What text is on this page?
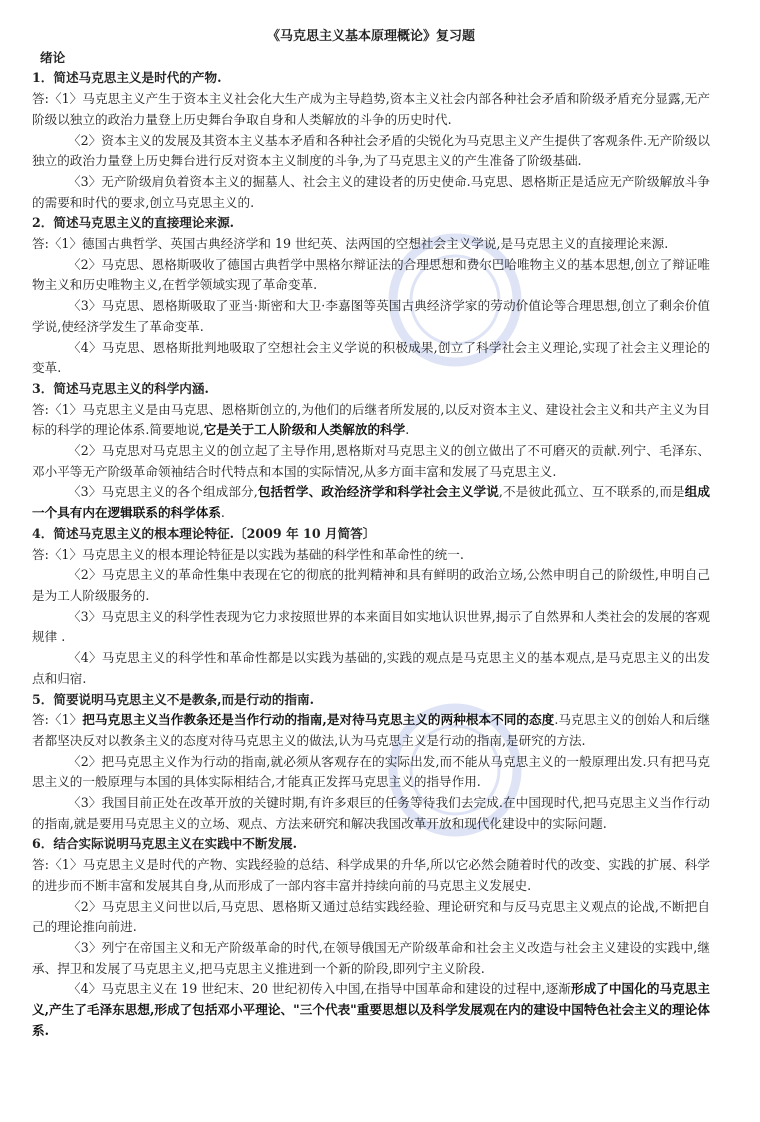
《马克思主义基本原理概论》复习题
绪论
1．简述马克思主义是时代的产物.
答:〈1〉马克思主义产生于资本主义社会化大生产成为主导趋势,资本主义社会内部各种社会矛盾和阶级矛盾充分显露,无产阶级以独立的政治力量登上历史舞台争取自身和人类解放的斗争的历史时代.
〈2〉资本主义的发展及其资本主义基本矛盾和各种社会矛盾的尖锐化为马克思主义产生提供了客观条件.无产阶级以独立的政治力量登上历史舞台进行反对资本主义制度的斗争,为了马克思主义的产生准备了阶级基础.
〈3〉无产阶级肩负着资本主义的掘墓人、社会主义的建设者的历史使命.马克思、恩格斯正是适应无产阶级解放斗争的需要和时代的要求,创立马克思主义的.
2．简述马克思主义的直接理论来源.
答:〈1〉德国古典哲学、英国古典经济学和 19 世纪英、法两国的空想社会主义学说,是马克思主义的直接理论来源.
〈2〉马克思、恩格斯吸收了德国古典哲学中黑格尔辩证法的合理思想和费尔巴哈唯物主义的基本思想,创立了辩证唯物主义和历史唯物主义,在哲学领域实现了革命变革.
〈3〉马克思、恩格斯吸取了亚当·斯密和大卫·李嘉图等英国古典经济学家的劳动价值论等合理思想,创立了剩余价值学说,使经济学发生了革命变革.
〈4〉马克思、恩格斯批判地吸取了空想社会主义学说的积极成果,创立了科学社会主义理论,实现了社会主义理论的变革.
3．简述马克思主义的科学内涵.
答:〈1〉马克思主义是由马克思、恩格斯创立的,为他们的后继者所发展的,以反对资本主义、建设社会主义和共产主义为目标的科学的理论体系.简要地说,它是关于工人阶级和人类解放的科学.
〈2〉马克思对马克思主义的创立起了主导作用,恩格斯对马克思主义的创立做出了不可磨灭的贡献.列宁、毛泽东、邓小平等无产阶级革命领袖结合时代特点和本国的实际情况,从多方面丰富和发展了马克思主义.
〈3〉马克思主义的各个组成部分,包括哲学、政治经济学和科学社会主义学说,不是彼此孤立、互不联系的,而是组成一个具有内在逻辑联系的科学体系.
4．简述马克思主义的根本理论特征.〔2009 年 10 月简答〕
答:〈1〉马克思主义的根本理论特征是以实践为基础的科学性和革命性的统一.
〈2〉马克思主义的革命性集中表现在它的彻底的批判精神和具有鲜明的政治立场,公然申明自己的阶级性,申明自己是为工人阶级服务的.
〈3〉马克思主义的科学性表现为它力求按照世界的本来面目如实地认识世界,揭示了自然界和人类社会的发展的客观规律 .
〈4〉马克思主义的科学性和革命性都是以实践为基础的,实践的观点是马克思主义的基本观点,是马克思主义的出发点和归宿.
5．简要说明马克思主义不是教条,而是行动的指南.
答:〈1〉把马克思主义当作教条还是当作行动的指南,是对待马克思主义的两种根本不同的态度.马克思主义的创始人和后继者都坚决反对以教条主义的态度对待马克思主义的做法,认为马克思主义是行动的指南,是研究的方法.
〈2〉把马克思主义作为行动的指南,就必须从客观存在的实际出发,而不能从马克思主义的一般原理出发.只有把马克思主义的一般原理与本国的具体实际相结合,才能真正发挥马克思主义的指导作用.
〈3〉我国目前正处在改革开放的关键时期,有许多艰巨的任务等待我们去完成.在中国现时代,把马克思主义当作行动的指南,就是要用马克思主义的立场、观点、方法来研究和解决我国改革开放和现代化建设中的实际问题.
6．结合实际说明马克思主义在实践中不断发展.
答:〈1〉马克思主义是时代的产物、实践经验的总结、科学成果的升华,所以它必然会随着时代的改变、实践的扩展、科学的进步而不断丰富和发展其自身,从而形成了一部内容丰富并持续向前的马克思主义发展史.
〈2〉马克思主义问世以后,马克思、恩格斯又通过总结实践经验、理论研究和与反马克思主义观点的论战,不断把自己的理论推向前进.
〈3〉列宁在帝国主义和无产阶级革命的时代,在领导俄国无产阶级革命和社会主义改造与社会主义建设的实践中,继承、捍卫和发展了马克思主义,把马克思主义推进到一个新的阶段,即列宁主义阶段.
〈4〉马克思主义在 19 世纪末、20 世纪初传入中国,在指导中国革命和建设的过程中,逐渐形成了中国化的马克思主义,产生了毛泽东思想,形成了包括邓小平理论、"三个代表"重要思想以及科学发展观在内的建设中国特色社会主义的理论体系.
